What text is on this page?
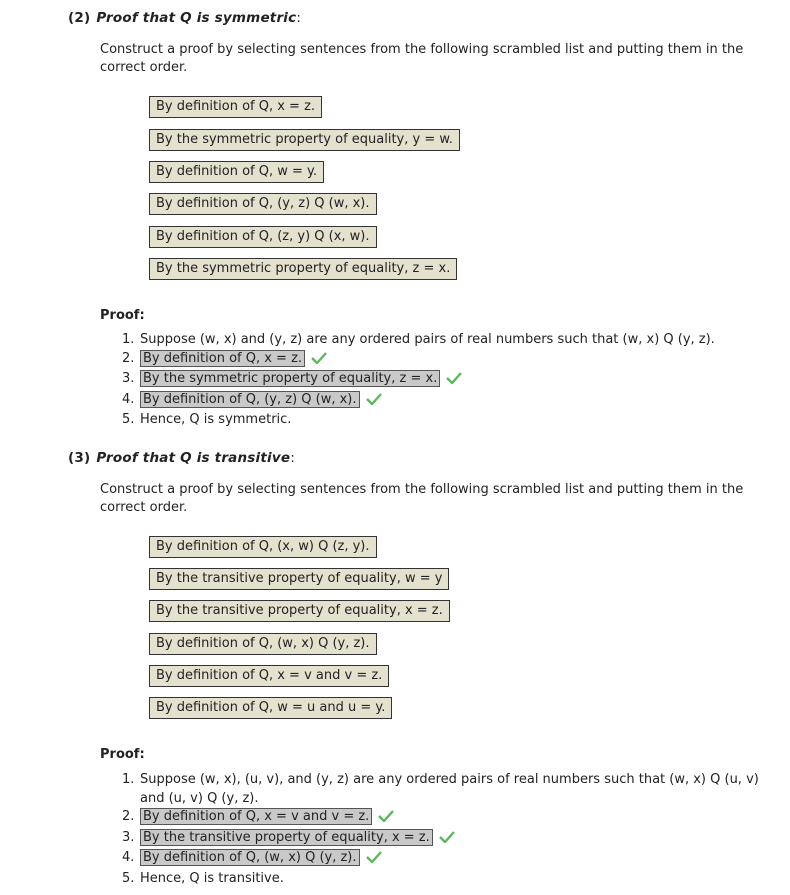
(2) Proof that Q is symmetric:
Construct a proof by selecting sentences from the following scrambled list and putting them in the correct order.
By definition of Q, x = z.
By the symmetric property of equality, y = w.
By definition of Q, w = y.
By definition of Q, (y, z) Q (w, x).
By definition of Q, (z, y) Q (x, w).
By the symmetric property of equality, z = x.
Proof:
1. Suppose (w, x) and (y, z) are any ordered pairs of real numbers such that (w, x) Q (y, z).
2. By definition of Q, x = z.
3. By the symmetric property of equality, z = x.
4. By definition of Q, (y, z) Q (w, x).
5. Hence, Q is symmetric.
(3) Proof that Q is transitive:
Construct a proof by selecting sentences from the following scrambled list and putting them in the correct order.
By definition of Q, (x, w) Q (z, y).
By the transitive property of equality, w = y
By the transitive property of equality, x = z.
By definition of Q, (w, x) Q (y, z).
By definition of Q, x = v and v = z.
By definition of Q, w = u and u = y.
Proof:
1. Suppose (w, x), (u, v), and (y, z) are any ordered pairs of real numbers such that (w, x) Q (u, v)
and (u, v) Q (y, z).
2. By definition of Q, x = v and v = z.
3. By the transitive property of equality, x = z.
4. By definition of Q, (w, x) Q (y, z).
5. Hence, Q is transitive.
